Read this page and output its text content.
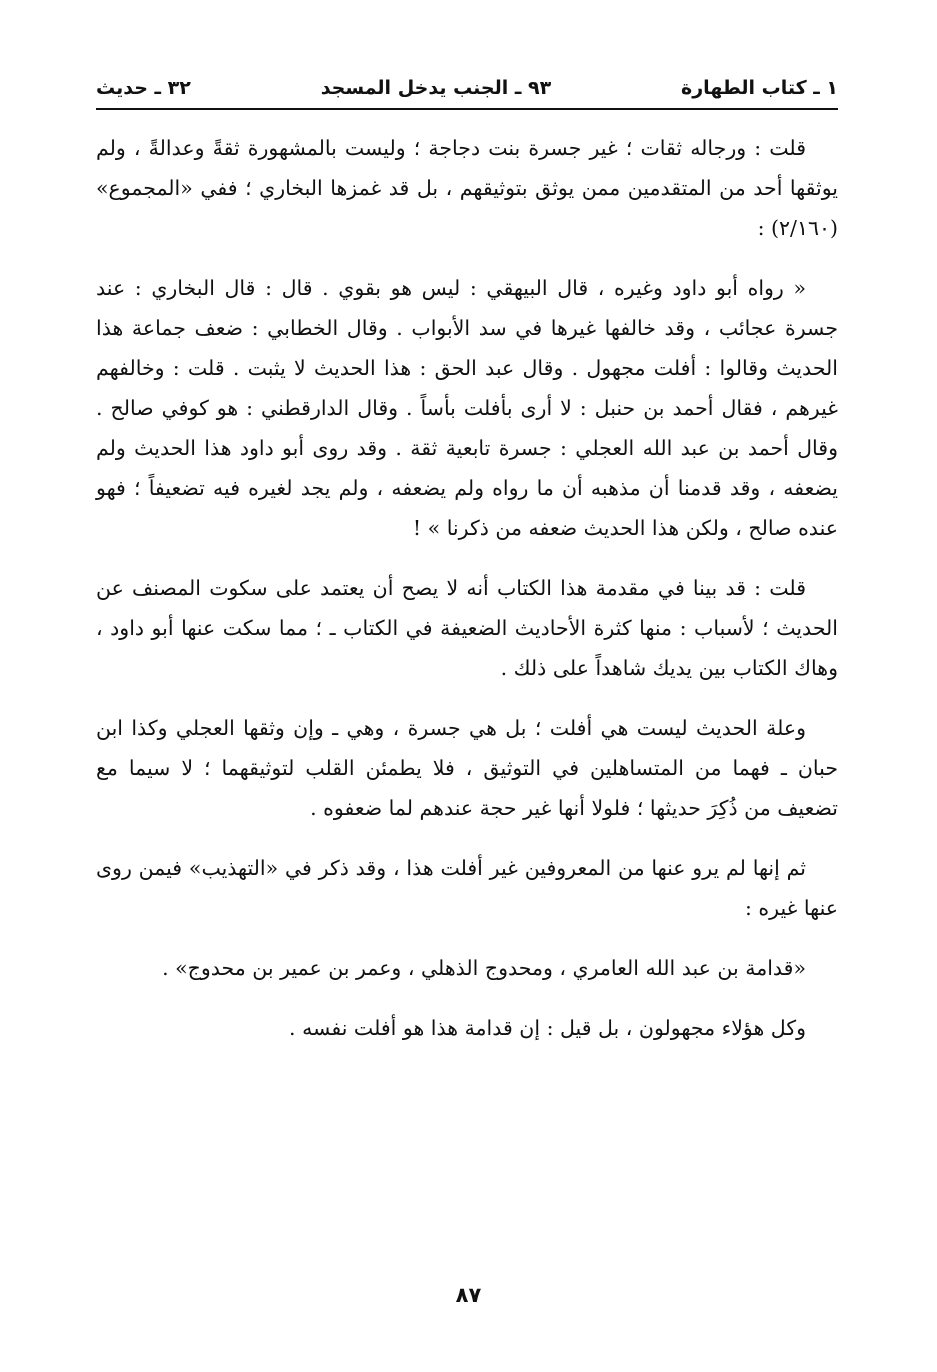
١ ـ كتاب الطهارة
٩٣ ـ الجنب يدخل المسجد
٣٢ ـ حديث

قلت : ورجاله ثقات ؛ غير جسرة بنت دجاجة ؛ وليست بالمشهورة ثقةً وعدالةً ، ولم يوثقها أحد من المتقدمين ممن يوثق بتوثيقهم ، بل قد غمزها البخاري ؛ ففي «المجموع» (٢/١٦٠) :

« رواه أبو داود وغيره ، قال البيهقي : ليس هو بقوي . قال : قال البخاري : عند جسرة عجائب ، وقد خالفها غيرها في سد الأبواب . وقال الخطابي : ضعف جماعة هذا الحديث وقالوا : أفلت مجهول . وقال عبد الحق : هذا الحديث لا يثبت . قلت : وخالفهم غيرهم ، فقال أحمد بن حنبل : لا أرى بأفلت بأساً . وقال الدارقطني : هو كوفي صالح . وقال أحمد بن عبد الله العجلي : جسرة تابعية ثقة . وقد روى أبو داود هذا الحديث ولم يضعفه ، وقد قدمنا أن مذهبه أن ما رواه ولم يضعفه ، ولم يجد لغيره فيه تضعيفاً ؛ فهو عنده صالح ، ولكن هذا الحديث ضعفه من ذكرنا » !

قلت : قد بينا في مقدمة هذا الكتاب أنه لا يصح أن يعتمد على سكوت المصنف عن الحديث ؛ لأسباب : منها كثرة الأحاديث الضعيفة في الكتاب ـ ؛ مما سكت عنها أبو داود ، وهاك الكتاب بين يديك شاهداً على ذلك .

وعلة الحديث ليست هي أفلت ؛ بل هي جسرة ، وهي ـ وإن وثقها العجلي وكذا ابن حبان ـ فهما من المتساهلين في التوثيق ، فلا يطمئن القلب لتوثيقهما ؛ لا سيما مع تضعيف من ذُكِرَ حديثها ؛ فلولا أنها غير حجة عندهم لما ضعفوه .

ثم إنها لم يرو عنها من المعروفين غير أفلت هذا ، وقد ذكر في «التهذيب» فيمن روى عنها غيره :

«قدامة بن عبد الله العامري ، ومحدوج الذهلي ، وعمر بن عمير بن محدوج» .

وكل هؤلاء مجهولون ، بل قيل : إن قدامة هذا هو أفلت نفسه .

٨٧
